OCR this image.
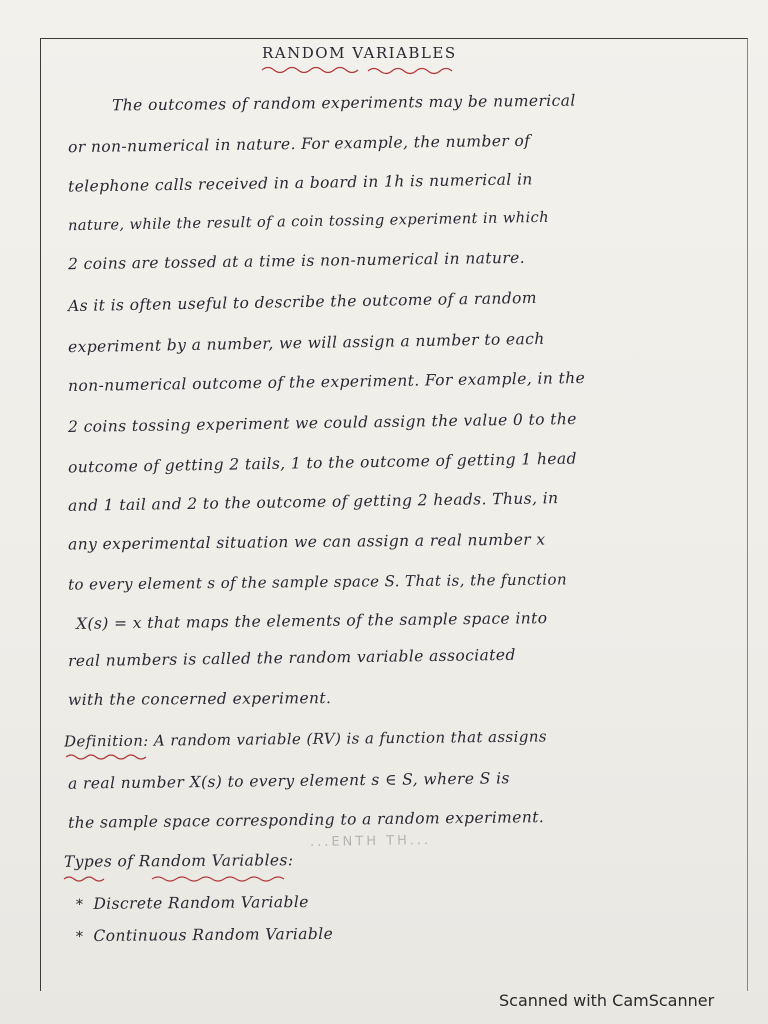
RANDOM VARIABLES
The outcomes of random experiments may be numerical
or non-numerical in nature. For example, the number of
telephone calls received in a board in 1h is numerical in
nature, while the result of a coin tossing experiment in which
2 coins are tossed at a time is non-numerical in nature.
As it is often useful to describe the outcome of a random
experiment by a number, we will assign a number to each
non-numerical outcome of the experiment. For example, in the
2 coins tossing experiment we could assign the value 0 to the
outcome of getting 2 tails, 1 to the outcome of getting 1 head
and 1 tail and 2 to the outcome of getting 2 heads. Thus, in
any experimental situation we can assign a real number x
to every element s of the sample space S. That is, the function
X(s) = x that maps the elements of the sample space into
real numbers is called the random variable associated
with the concerned experiment.
Definition: A random variable (RV) is a function that assigns
a real number X(s) to every element s ∈ S, where S is
the sample space corresponding to a random experiment.
...ENTH TH...
Types of Random Variables:
* Discrete Random Variable
* Continuous Random Variable
Scanned with CamScanner
